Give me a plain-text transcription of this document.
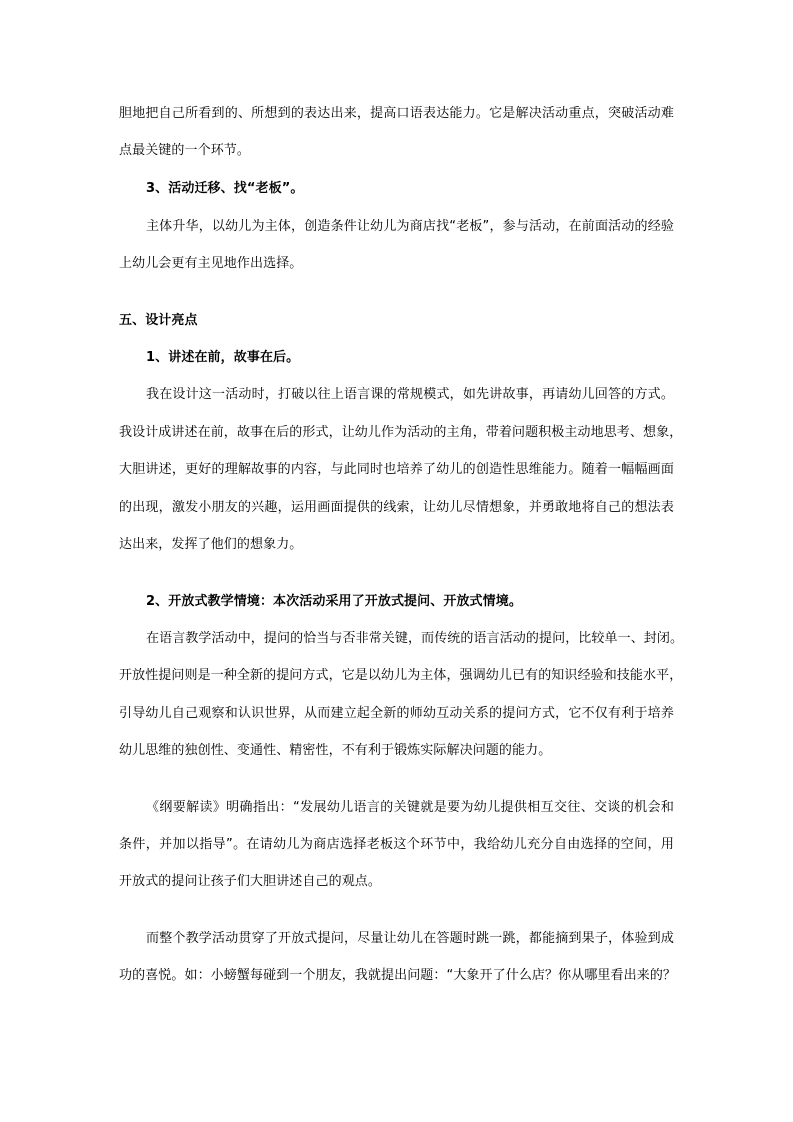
胆地把自己所看到的、所想到的表达出来，提高口语表达能力。它是解决活动重点，突破活动难
点最关键的一个环节。
3、活动迁移、找“老板”。
主体升华，以幼儿为主体，创造条件让幼儿为商店找“老板”，参与活动，在前面活动的经验
上幼儿会更有主见地作出选择。
五、设计亮点
1、讲述在前，故事在后。
我在设计这一活动时，打破以往上语言课的常规模式，如先讲故事，再请幼儿回答的方式。
我设计成讲述在前，故事在后的形式，让幼儿作为活动的主角，带着问题积极主动地思考、想象，
大胆讲述，更好的理解故事的内容，与此同时也培养了幼儿的创造性思维能力。随着一幅幅画面
的出现，激发小朋友的兴趣，运用画面提供的线索，让幼儿尽情想象，并勇敢地将自己的想法表
达出来，发挥了他们的想象力。
2、开放式教学情境：本次活动采用了开放式提问、开放式情境。
在语言教学活动中，提问的恰当与否非常关键，而传统的语言活动的提问，比较单一、封闭。
开放性提问则是一种全新的提问方式，它是以幼儿为主体，强调幼儿已有的知识经验和技能水平，
引导幼儿自己观察和认识世界，从而建立起全新的师幼互动关系的提问方式，它不仅有利于培养
幼儿思维的独创性、变通性、精密性，不有利于锻炼实际解决问题的能力。
《纲要解读》明确指出：“发展幼儿语言的关键就是要为幼儿提供相互交往、交谈的机会和
条件，并加以指导”。在请幼儿为商店选择老板这个环节中，我给幼儿充分自由选择的空间，用
开放式的提问让孩子们大胆讲述自己的观点。
而整个教学活动贯穿了开放式提问，尽量让幼儿在答题时跳一跳，都能摘到果子，体验到成
功的喜悦。如：小螃蟹每碰到一个朋友，我就提出问题：“大象开了什么店？你从哪里看出来的？
